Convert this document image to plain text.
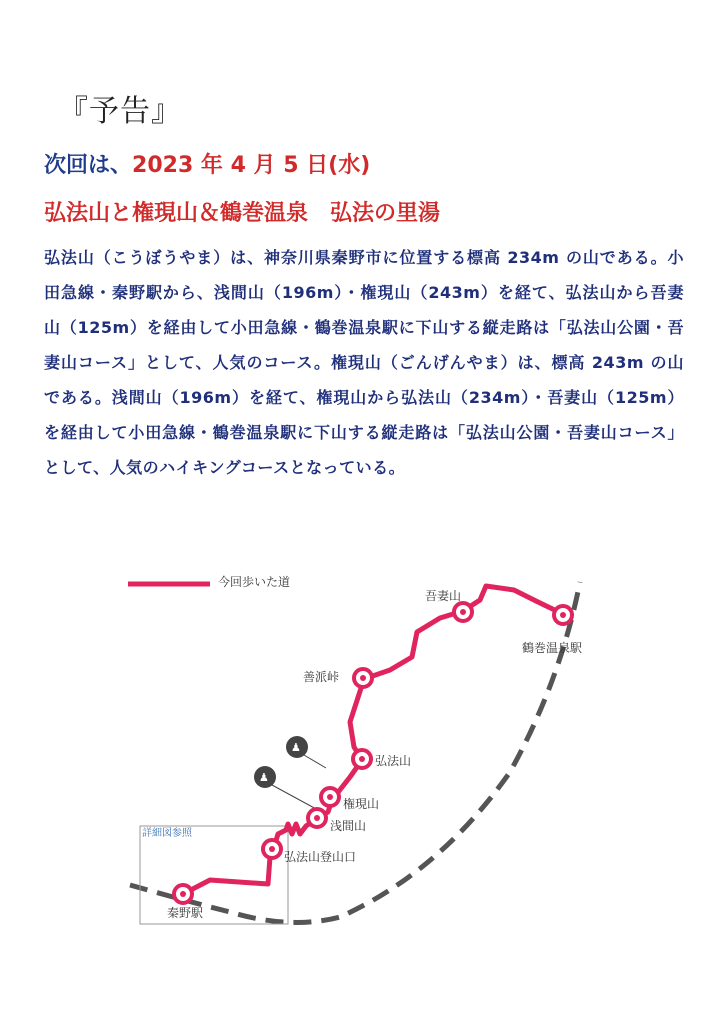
『予告』
次回は、2023 年 4 月 5 日(水)
弘法山と権現山＆鶴巻温泉　弘法の里湯
弘法山（こうぼうやま）は、神奈川県秦野市に位置する標高 234m の山である。小田急線・秦野駅から、浅間山（196m）・権現山（243m）を経て、弘法山から吾妻山（125m）を経由して小田急線・鶴巻温泉駅に下山する縦走路は「弘法山公園・吾妻山コース」として、人気のコース。権現山（ごんげんやま）は、標高 243m の山である。浅間山（196m）を経て、権現山から弘法山（234m）・吾妻山（125m）を経由して小田急線・鶴巻温泉駅に下山する縦走路は「弘法山公園・吾妻山コース」として、人気のハイキングコースとなっている。
今回歩いた道
詳細図参照
♟
♟
秦野駅
弘法山登山口
浅間山
権現山
弘法山
善派峠
吾妻山
鶴巻温泉駅
